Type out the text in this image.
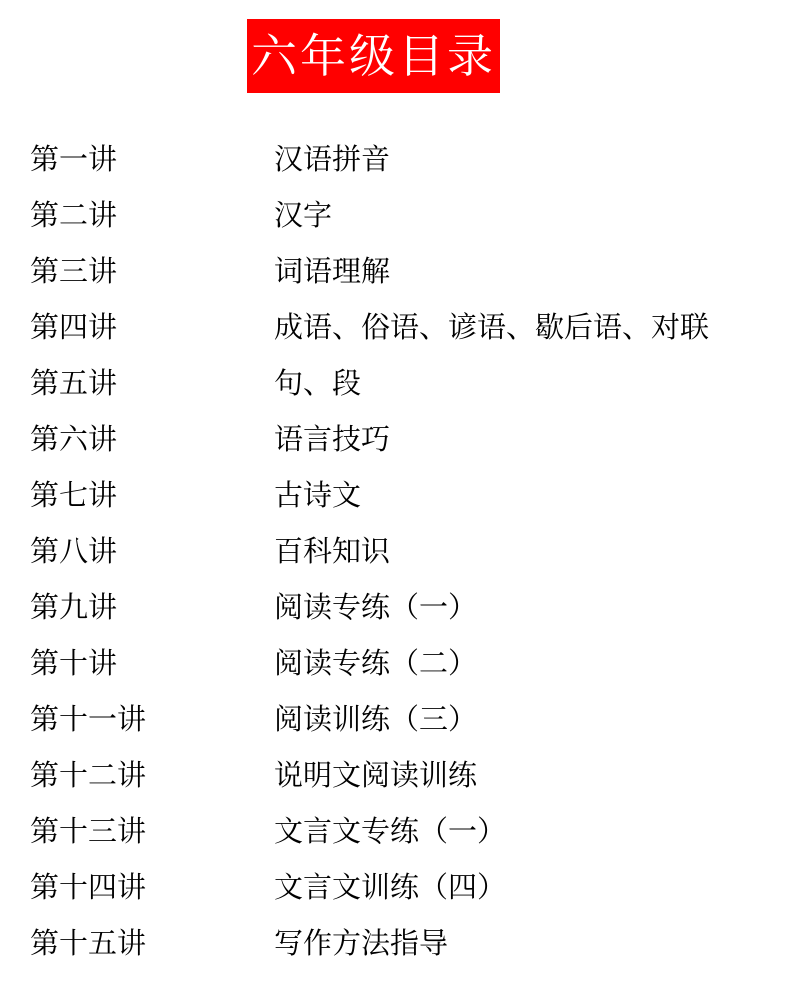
六年级目录
第一讲	汉语拼音
第二讲	汉字
第三讲	词语理解
第四讲	成语、俗语、谚语、歇后语、对联
第五讲	句、段
第六讲	语言技巧
第七讲	古诗文
第八讲	百科知识
第九讲	阅读专练（一）
第十讲	阅读专练（二）
第十一讲	阅读训练（三）
第十二讲	说明文阅读训练
第十三讲	文言文专练（一）
第十四讲	文言文训练（四）
第十五讲	写作方法指导
